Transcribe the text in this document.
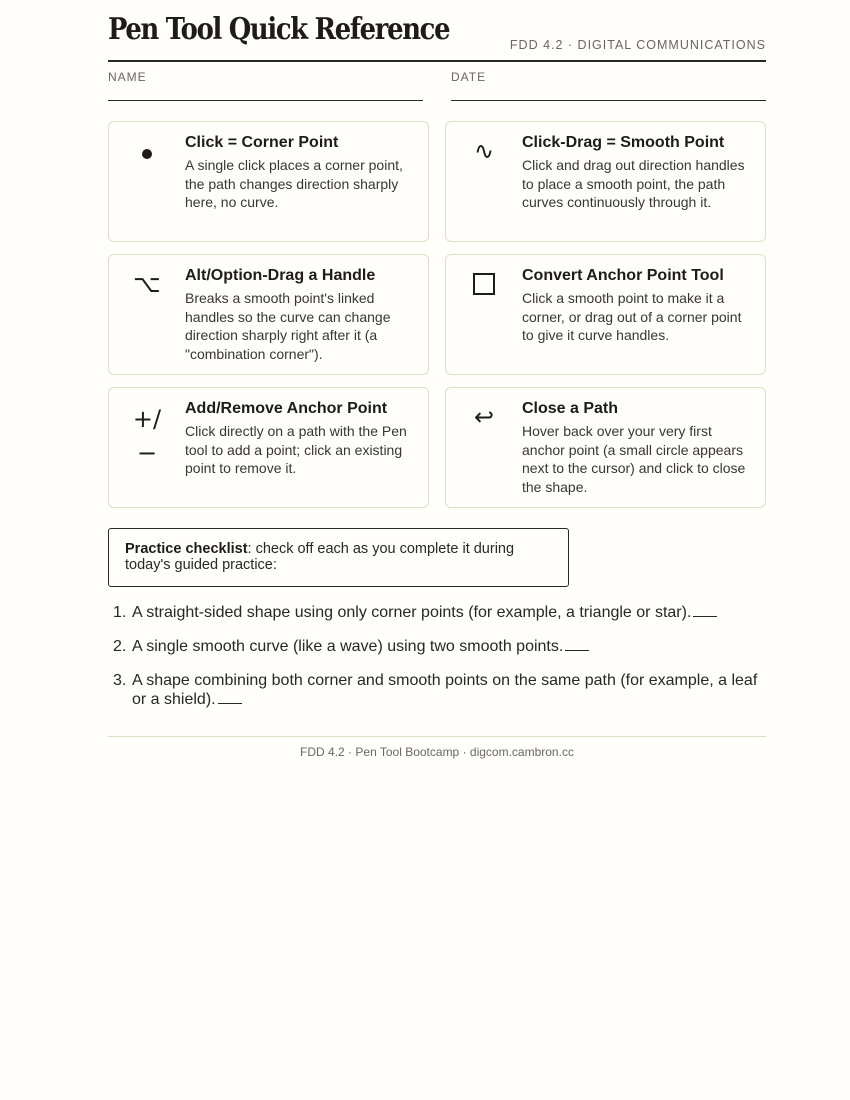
Pen Tool Quick Reference	FDD 4.2 · DIGITAL COMMUNICATIONS
NAME	DATE
Click = Corner Point
A single click places a corner point, the path changes direction sharply here, no curve.
∿	Click-Drag = Smooth Point
Click and drag out direction handles to place a smooth point, the path curves continuously through it.
⌥	Alt/Option-Drag a Handle
Breaks a smooth point's linked handles so the curve can change direction sharply right after it (a "combination corner").
Convert Anchor Point Tool
Click a smooth point to make it a corner, or drag out of a corner point to give it curve handles.
+/
−
Add/Remove Anchor Point
Click directly on a path with the Pen tool to add a point; click an existing point to remove it.
↩	Close a Path
Hover back over your very first anchor point (a small circle appears next to the cursor) and click to close the shape.
Practice checklist: check off each as you complete it during today's guided practice:
1. A straight-sided shape using only corner points (for example, a triangle or star).
2. A single smooth curve (like a wave) using two smooth points.
3. A shape combining both corner and smooth points on the same path (for example, a leaf or a shield).
FDD 4.2 · Pen Tool Bootcamp · digcom.cambron.cc
